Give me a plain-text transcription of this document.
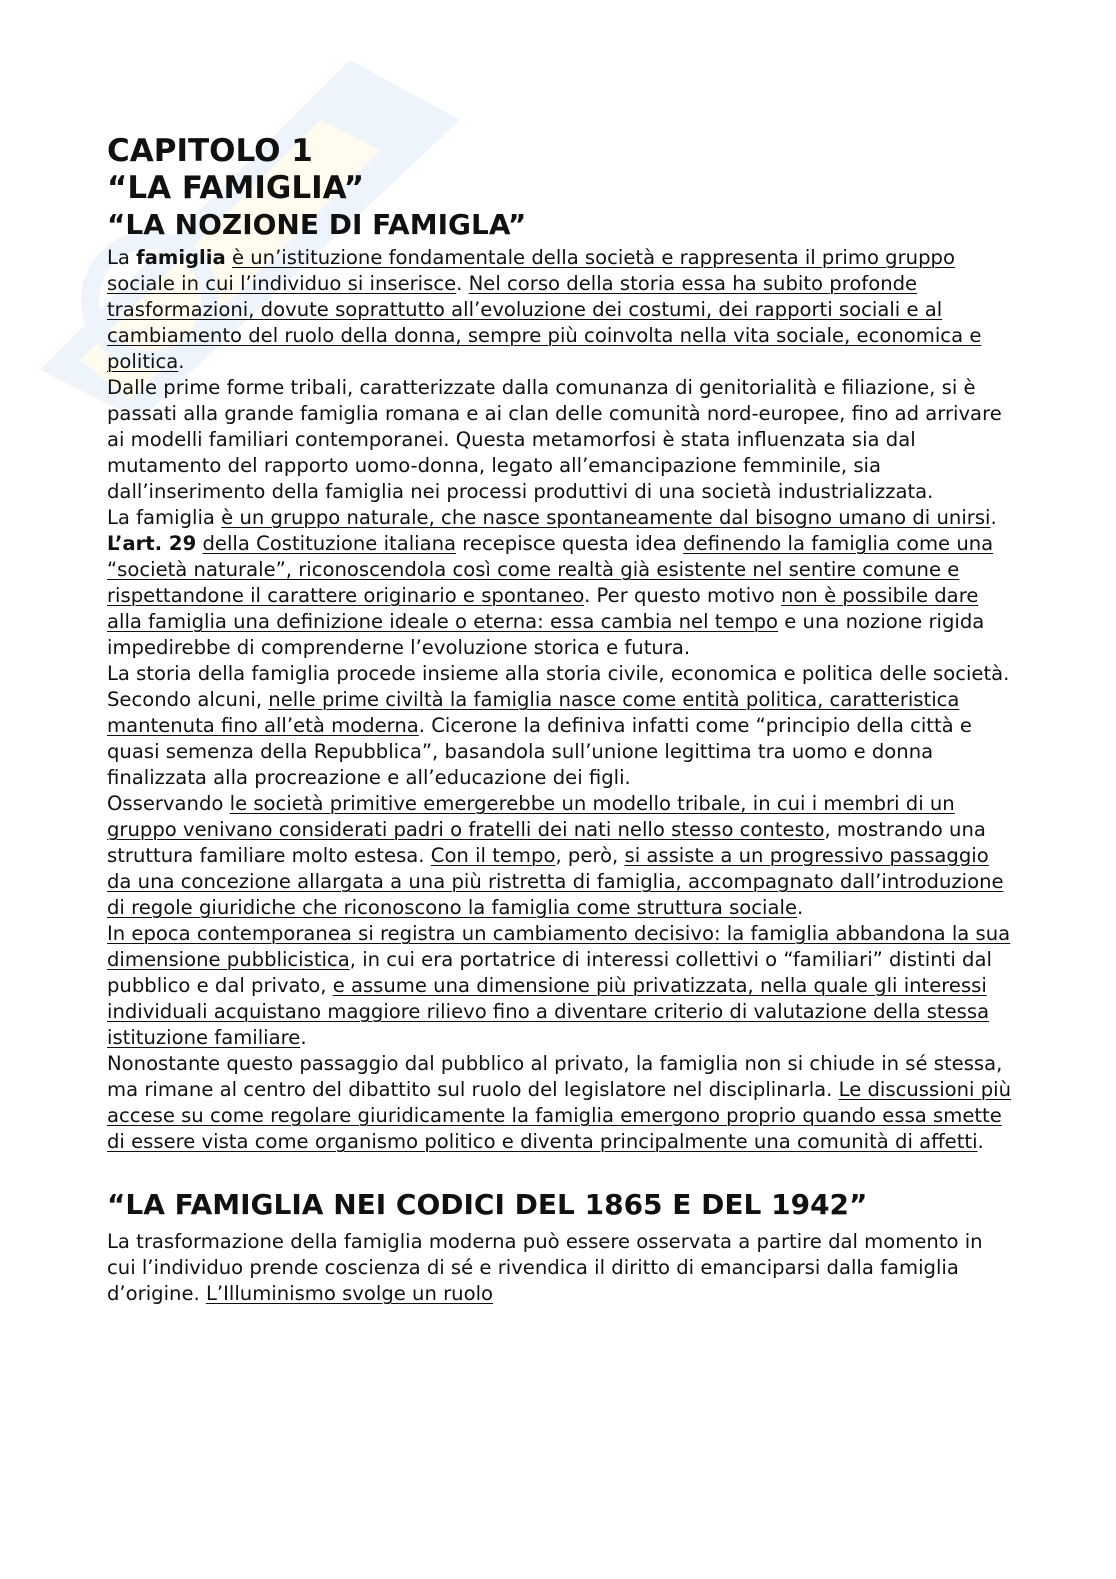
CAPITOLO 1
“LA FAMIGLIA”
“LA NOZIONE DI FAMIGLA”

La famiglia è un’istituzione fondamentale della società e rappresenta il primo gruppo sociale in cui l’individuo si inserisce. Nel corso della storia essa ha subito profonde trasformazioni, dovute soprattutto all’evoluzione dei costumi, dei rapporti sociali e al cambiamento del ruolo della donna, sempre più coinvolta nella vita sociale, economica e politica.

Dalle prime forme tribali, caratterizzate dalla comunanza di genitorialità e filiazione, si è passati alla grande famiglia romana e ai clan delle comunità nord-europee, fino ad arrivare ai modelli familiari contemporanei. Questa metamorfosi è stata influenzata sia dal mutamento del rapporto uomo-donna, legato all’emancipazione femminile, sia dall’inserimento della famiglia nei processi produttivi di una società industrializzata.

La famiglia è un gruppo naturale, che nasce spontaneamente dal bisogno umano di unirsi. L’art. 29 della Costituzione italiana recepisce questa idea definendo la famiglia come una “società naturale”, riconoscendola così come realtà già esistente nel sentire comune e rispettandone il carattere originario e spontaneo. Per questo motivo non è possibile dare alla famiglia una definizione ideale o eterna: essa cambia nel tempo e una nozione rigida impedirebbe di comprenderne l’evoluzione storica e futura.

La storia della famiglia procede insieme alla storia civile, economica e politica delle società. Secondo alcuni, nelle prime civiltà la famiglia nasce come entità politica, caratteristica mantenuta fino all’età moderna. Cicerone la definiva infatti come “principio della città e quasi semenza della Repubblica”, basandola sull’unione legittima tra uomo e donna finalizzata alla procreazione e all’educazione dei figli.

Osservando le società primitive emergerebbe un modello tribale, in cui i membri di un gruppo venivano considerati padri o fratelli dei nati nello stesso contesto, mostrando una struttura familiare molto estesa. Con il tempo, però, si assiste a un progressivo passaggio da una concezione allargata a una più ristretta di famiglia, accompagnato dall’introduzione di regole giuridiche che riconoscono la famiglia come struttura sociale.

In epoca contemporanea si registra un cambiamento decisivo: la famiglia abbandona la sua dimensione pubblicistica, in cui era portatrice di interessi collettivi o “familiari” distinti dal pubblico e dal privato, e assume una dimensione più privatizzata, nella quale gli interessi individuali acquistano maggiore rilievo fino a diventare criterio di valutazione della stessa istituzione familiare.

Nonostante questo passaggio dal pubblico al privato, la famiglia non si chiude in sé stessa, ma rimane al centro del dibattito sul ruolo del legislatore nel disciplinarla. Le discussioni più accese su come regolare giuridicamente la famiglia emergono proprio quando essa smette di essere vista come organismo politico e diventa principalmente una comunità di affetti.

“LA FAMIGLIA NEI CODICI DEL 1865 E DEL 1942”

La trasformazione della famiglia moderna può essere osservata a partire dal momento in cui l’individuo prende coscienza di sé e rivendica il diritto di emanciparsi dalla famiglia d’origine. L’Illuminismo svolge un ruolo
